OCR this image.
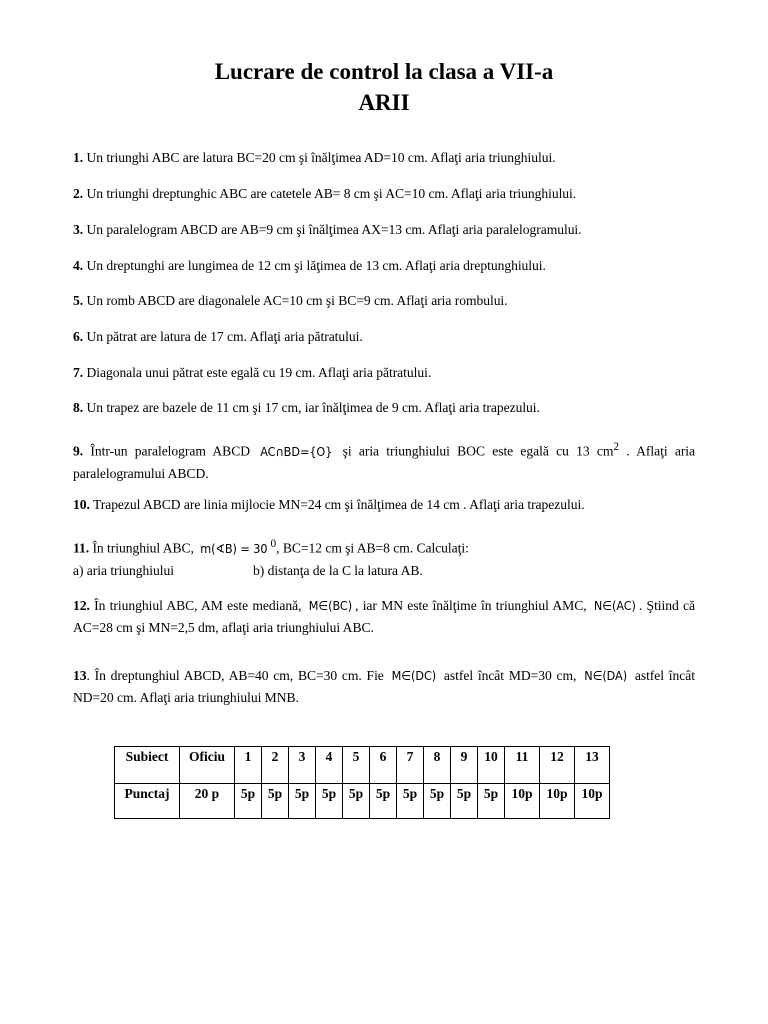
Lucrare de control la clasa a VII-a
ARII

1. Un triunghi ABC are latura BC=20 cm şi înălţimea AD=10 cm. Aflaţi aria triunghiului.

2. Un triunghi dreptunghic ABC are catetele AB= 8 cm şi AC=10 cm. Aflaţi aria triunghiului.

3. Un paralelogram ABCD are AB=9 cm şi înălţimea AX=13 cm. Aflaţi aria paralelogramului.

4. Un dreptunghi are lungimea de 12 cm şi lăţimea de 13 cm. Aflaţi aria dreptunghiului.

5. Un romb ABCD are diagonalele AC=10 cm şi BC=9 cm. Aflaţi aria rombului.

6. Un pătrat are latura de 17 cm. Aflaţi aria pătratului.

7. Diagonala unui pătrat este egală cu 19 cm. Aflaţi aria pătratului.

8. Un trapez are bazele de 11 cm şi 17 cm, iar înălţimea de 9 cm. Aflaţi aria trapezului.

9. Într-un paralelogram ABCD AC∩BD={O} şi aria triunghiului BOC este egală cu 13 $cm^2$ . Aflaţi aria paralelogramului ABCD.

10. Trapezul ABCD are linia mijlocie MN=24 cm şi înălţimea de 14 cm . Aflaţi aria trapezului.

11. În triunghiul ABC, m(∢B) = 30 $^0$, BC=12 cm şi AB=8 cm. Calculaţi:
a) aria triunghiului	b) distanţa de la C la latura AB.

12. În triunghiul ABC, AM este mediană, M∈(BC) , iar MN este înălţime în triunghiul AMC, N∈(AC) . Ştiind că AC=28 cm şi MN=2,5 dm, aflaţi aria triunghiului ABC.

13. În dreptunghiul ABCD, AB=40 cm, BC=30 cm. Fie M∈(DC) astfel încât MD=30 cm, N∈(DA) astfel încât ND=20 cm. Aflaţi aria triunghiului MNB.

Subiect	Oficiu	1	2	3	4	5	6	7	8	9	10	11	12	13
Punctaj	20 p	5p	5p	5p	5p	5p	5p	5p	5p	5p	5p	10p	10p	10p
